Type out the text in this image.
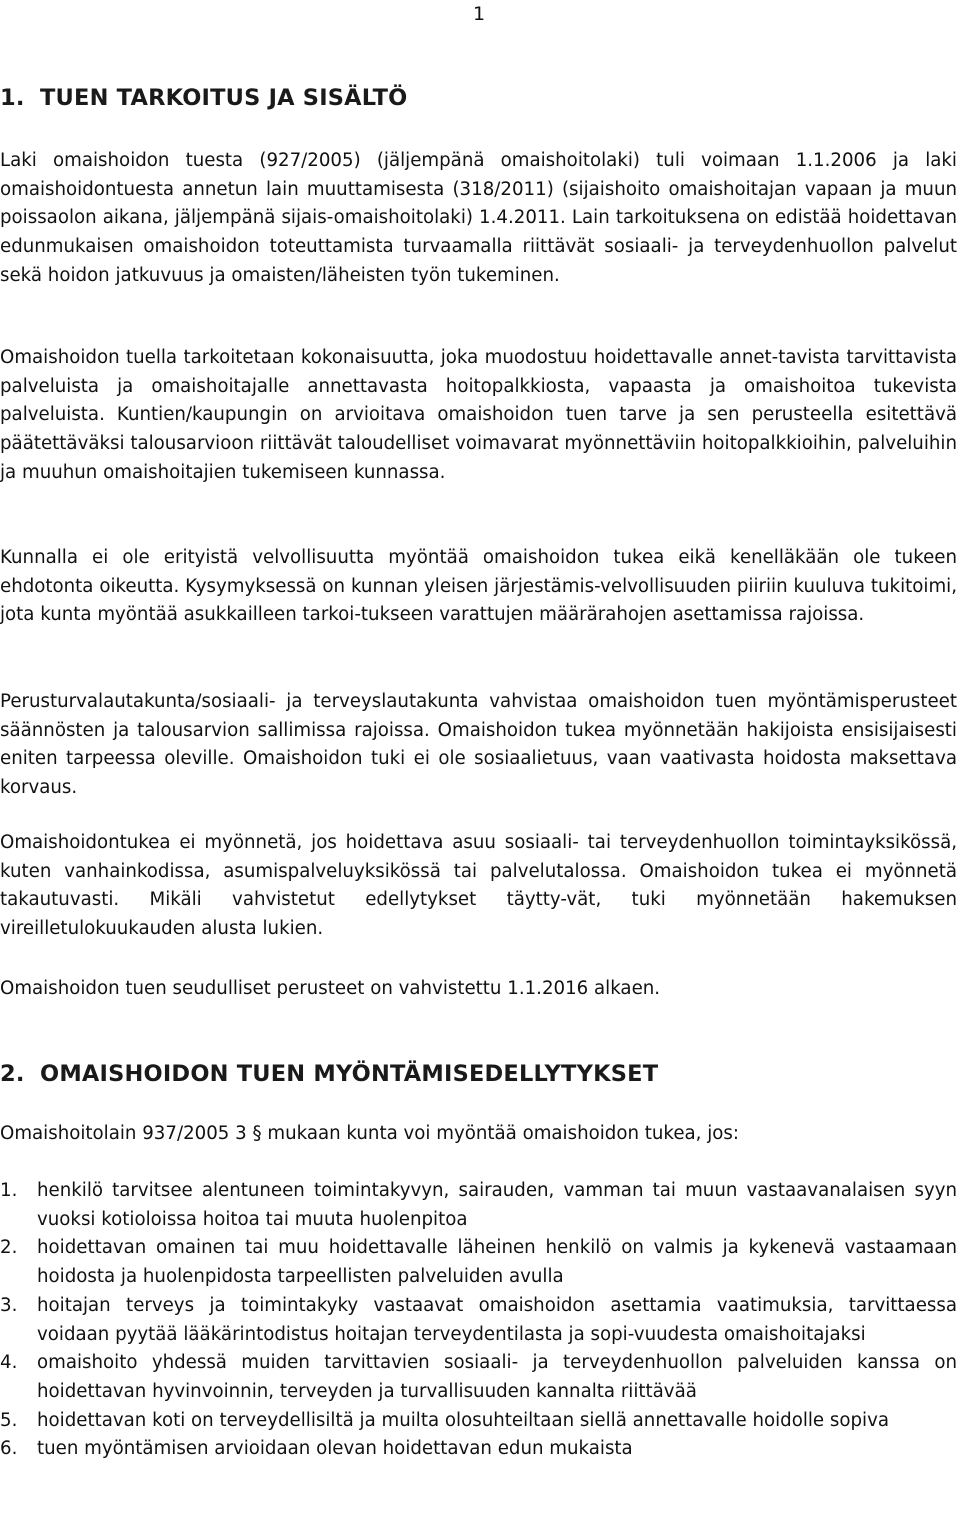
1
1. TUEN TARKOITUS JA SISÄLTÖ

Laki omaishoidon tuesta (927/2005) (jäljempänä omaishoitolaki) tuli voimaan 1.1.2006 ja laki omaishoidontuesta annetun lain muuttamisesta (318/2011) (sijaishoito omaishoitajan vapaan ja muun poissaolon aikana, jäljempänä sijais-omaishoitolaki) 1.4.2011. Lain tarkoituksena on edistää hoidettavan edunmukaisen omaishoidon toteuttamista turvaamalla riittävät sosiaali- ja terveydenhuollon palvelut sekä hoidon jatkuvuus ja omaisten/läheisten työn tukeminen.

Omaishoidon tuella tarkoitetaan kokonaisuutta, joka muodostuu hoidettavalle annet-tavista tarvittavista palveluista ja omaishoitajalle annettavasta hoitopalkkiosta, vapaasta ja omaishoitoa tukevista palveluista. Kuntien/kaupungin on arvioitava omaishoidon tuen tarve ja sen perusteella esitettävä päätettäväksi talousarvioon riittävät taloudelliset voimavarat myönnettäviin hoitopalkkioihin, palveluihin ja muuhun omaishoitajien tukemiseen kunnassa.

Kunnalla ei ole erityistä velvollisuutta myöntää omaishoidon tukea eikä kenelläkään ole tukeen ehdotonta oikeutta. Kysymyksessä on kunnan yleisen järjestämis-velvollisuuden piiriin kuuluva tukitoimi, jota kunta myöntää asukkailleen tarkoi-tukseen varattujen määrärahojen asettamissa rajoissa.

Perusturvalautakunta/sosiaali- ja terveyslautakunta vahvistaa omaishoidon tuen myöntämisperusteet säännösten ja talousarvion sallimissa rajoissa. Omaishoidon tukea myönnetään hakijoista ensisijaisesti eniten tarpeessa oleville. Omaishoidon tuki ei ole sosiaalietuus, vaan vaativasta hoidosta maksettava korvaus.

Omaishoidontukea ei myönnetä, jos hoidettava asuu sosiaali- tai terveydenhuollon toimintayksikössä, kuten vanhainkodissa, asumispalveluyksikössä tai palvelutalossa. Omaishoidon tukea ei myönnetä takautuvasti. Mikäli vahvistetut edellytykset täytty-vät, tuki myönnetään hakemuksen vireilletulokuukauden alusta lukien.

Omaishoidon tuen seudulliset perusteet on vahvistettu 1.1.2016 alkaen.

2. OMAISHOIDON TUEN MYÖNTÄMISEDELLYTYKSET

Omaishoitolain 937/2005 3 § mukaan kunta voi myöntää omaishoidon tukea, jos:

1. henkilö tarvitsee alentuneen toimintakyvyn, sairauden, vamman tai muun vastaavanalaisen syyn vuoksi kotioloissa hoitoa tai muuta huolenpitoa
2. hoidettavan omainen tai muu hoidettavalle läheinen henkilö on valmis ja kykenevä vastaamaan hoidosta ja huolenpidosta tarpeellisten palveluiden avulla
3. hoitajan terveys ja toimintakyky vastaavat omaishoidon asettamia vaatimuksia, tarvittaessa voidaan pyytää lääkärintodistus hoitajan terveydentilasta ja sopi-vuudesta omaishoitajaksi
4. omaishoito yhdessä muiden tarvittavien sosiaali- ja terveydenhuollon palveluiden kanssa on hoidettavan hyvinvoinnin, terveyden ja turvallisuuden kannalta riittävää
5. hoidettavan koti on terveydellisiltä ja muilta olosuhteiltaan siellä annettavalle hoidolle sopiva
6. tuen myöntämisen arvioidaan olevan hoidettavan edun mukaista
